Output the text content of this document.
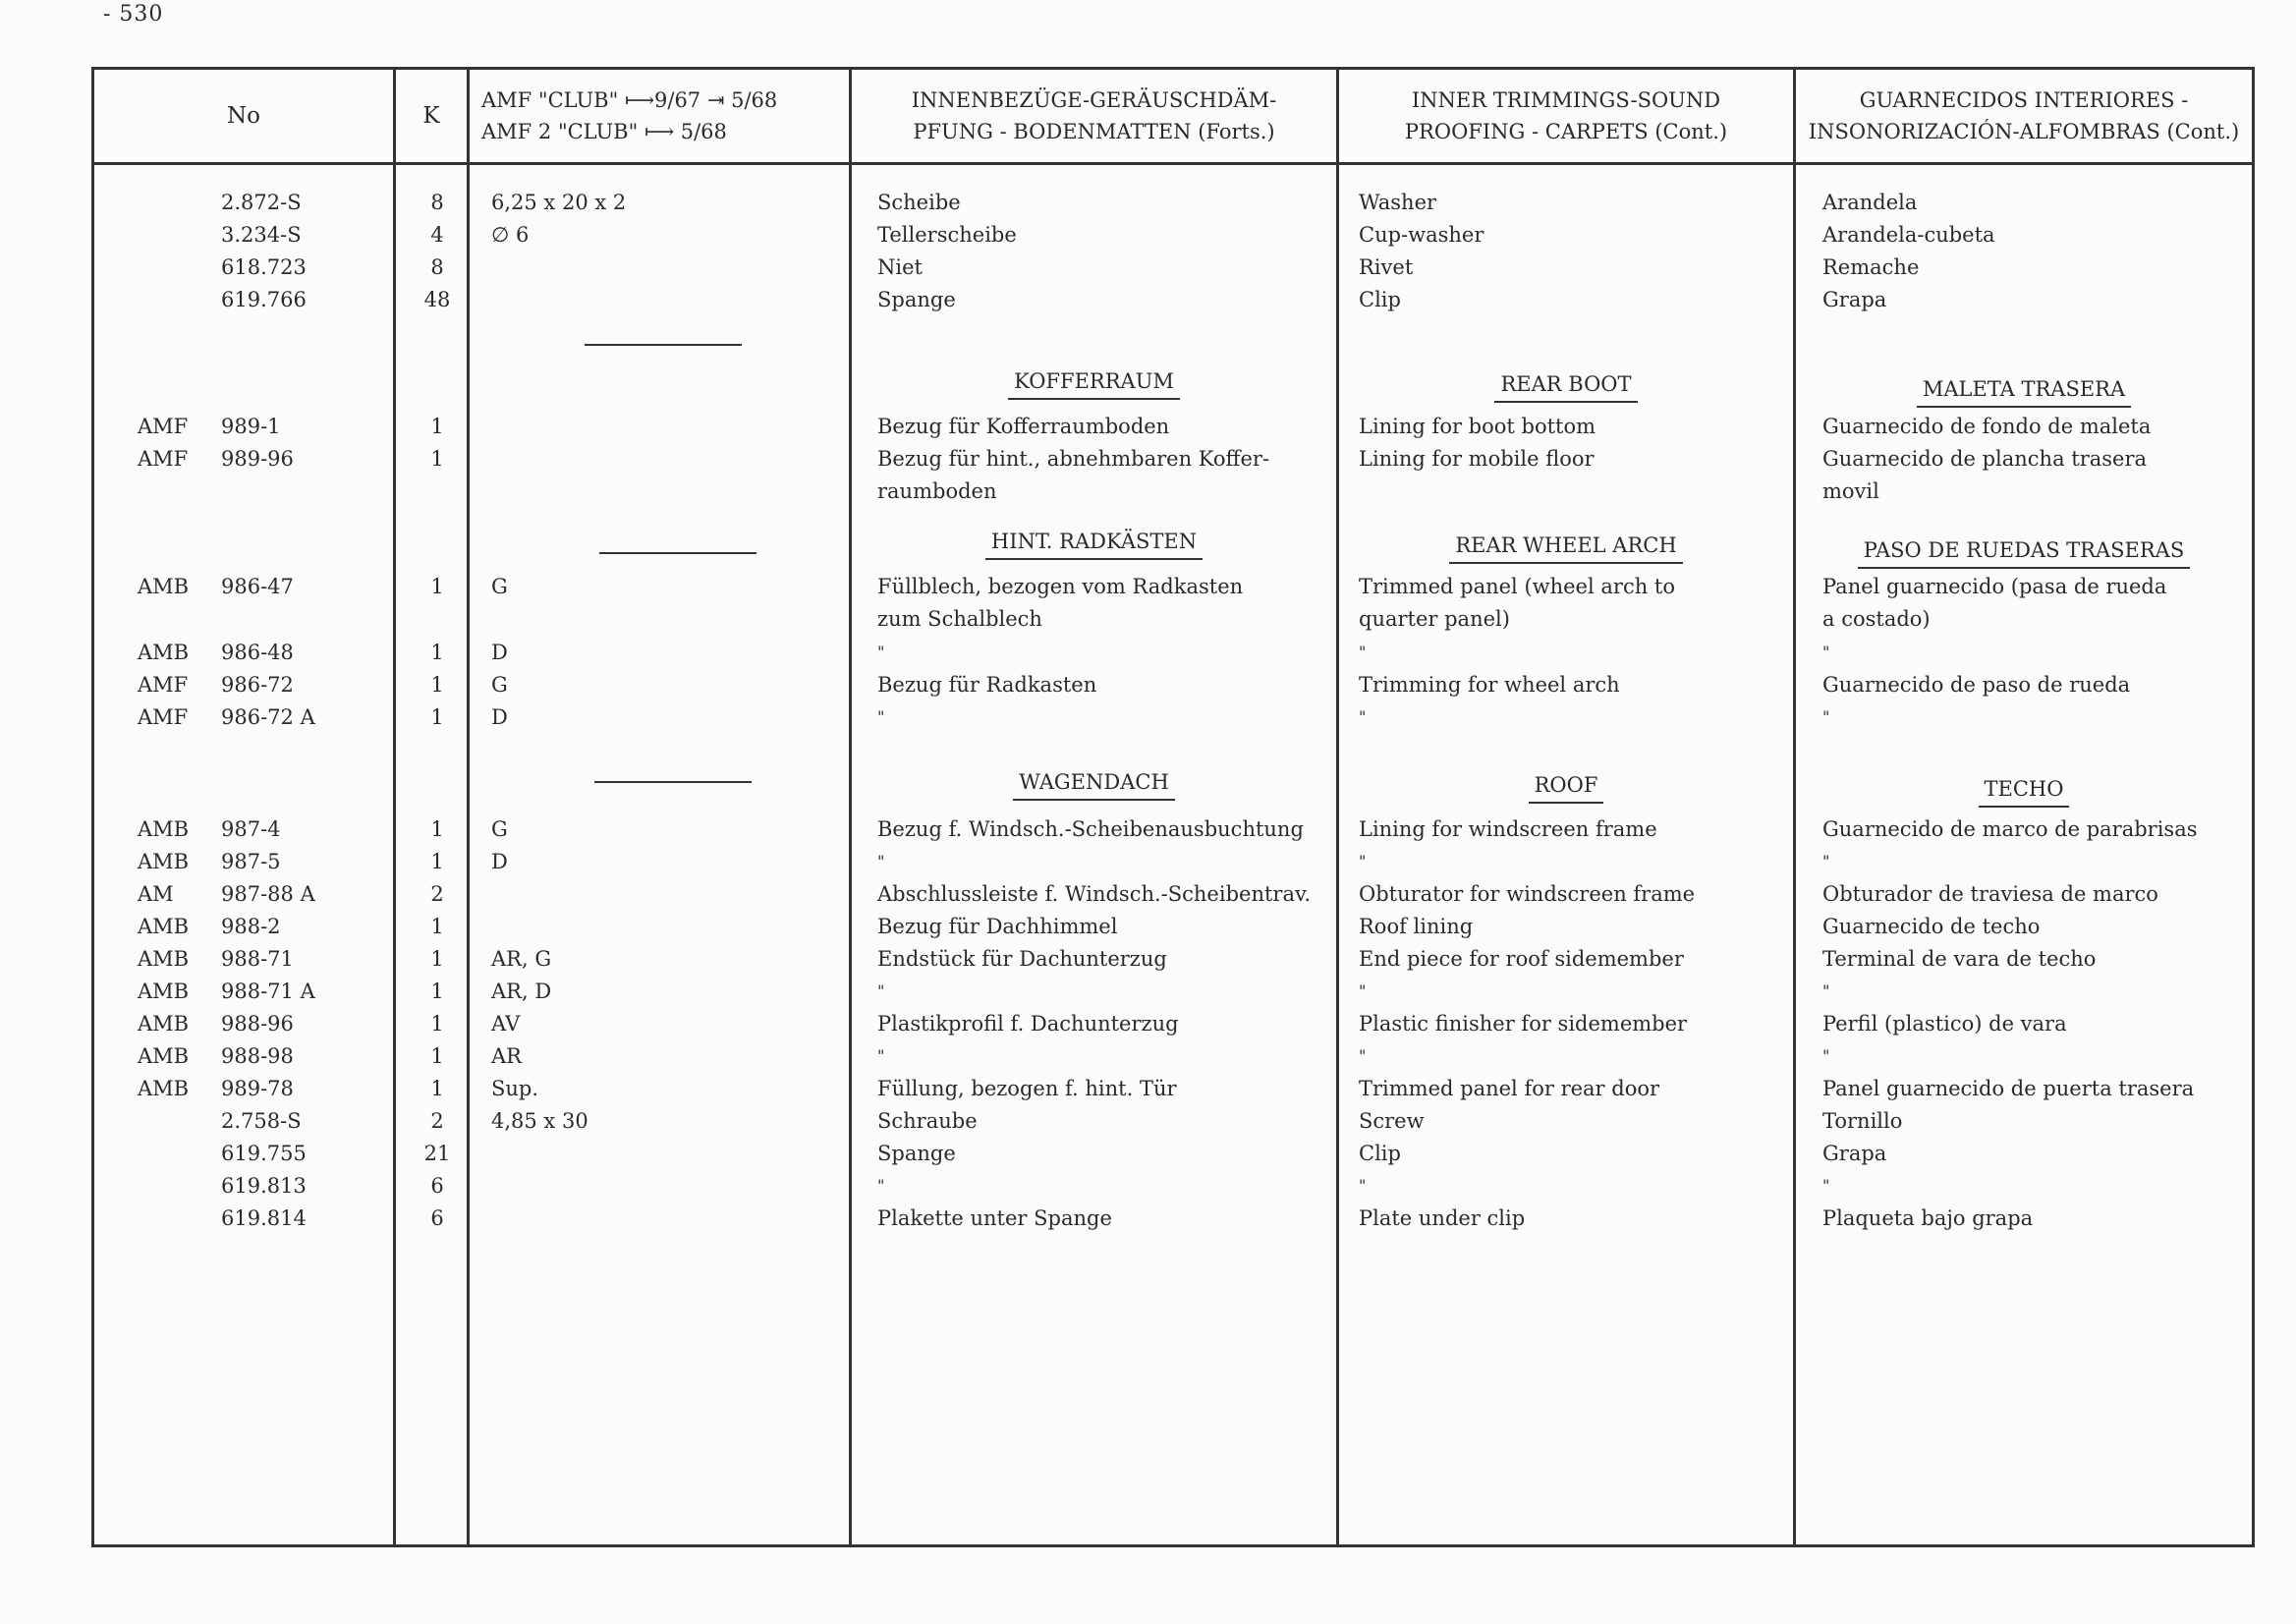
- 530
No	K
AMF "CLUB" ⟼9/67 ⇥ 5/68
AMF 2 "CLUB" ⟼ 5/68
INNENBEZÜGE-GERÄUSCHDÄM-
PFUNG - BODENMATTEN (Forts.)
INNER TRIMMINGS-SOUND
PROOFING - CARPETS (Cont.)
GUARNECIDOS INTERIORES -
INSONORIZACIÓN-ALFOMBRAS (Cont.)
KOFFERRAUM	REAR BOOT	MALETA TRASERA
HINT. RADKÄSTEN	REAR WHEEL ARCH	PASO DE RUEDAS TRASERAS
WAGENDACH	ROOF	TECHO
2.872-S	8	6,25 x 20 x 2	Scheibe	Washer	Arandela
3.234-S	4	∅ 6	Tellerscheibe	Cup-washer	Arandela-cubeta
618.723	8	Niet	Rivet	Remache
619.766	48	Spange	Clip	Grapa
AMF	989-1	1	Bezug für Kofferraumboden	Lining for boot bottom	Guarnecido de fondo de maleta
AMF	989-96	1	Bezug für hint., abnehmbaren Koffer-	Lining for mobile floor	Guarnecido de plancha trasera
raumboden	movil
AMB	986-47	1	G	Füllblech, bezogen vom Radkasten	Trimmed panel (wheel arch to	Panel guarnecido (pasa de rueda
zum Schalblech	quarter panel)	a costado)
AMB	986-48	1	D	"	"	"
AMF	986-72	1	G	Bezug für Radkasten	Trimming for wheel arch	Guarnecido de paso de rueda
AMF	986-72 A	1	D	"	"	"
AMB	987-4	1	G	Bezug f. Windsch.-Scheibenausbuchtung	Lining for windscreen frame	Guarnecido de marco de parabrisas
AMB	987-5	1	D	"	"	"
AM	987-88 A	2	Abschlussleiste f. Windsch.-Scheibentrav.	Obturator for windscreen frame	Obturador de traviesa de marco
AMB	988-2	1	Bezug für Dachhimmel	Roof lining	Guarnecido de techo
AMB	988-71	1	AR, G	Endstück für Dachunterzug	End piece for roof sidemember	Terminal de vara de techo
AMB	988-71 A	1	AR, D	"	"	"
AMB	988-96	1	AV	Plastikprofil f. Dachunterzug	Plastic finisher for sidemember	Perfil (plastico) de vara
AMB	988-98	1	AR	"	"	"
AMB	989-78	1	Sup.	Füllung, bezogen f. hint. Tür	Trimmed panel for rear door	Panel guarnecido de puerta trasera
2.758-S	2	4,85 x 30	Schraube	Screw	Tornillo
619.755	21	Spange	Clip	Grapa
619.813	6	"	"	"
619.814	6	Plakette unter Spange	Plate under clip	Plaqueta bajo grapa
